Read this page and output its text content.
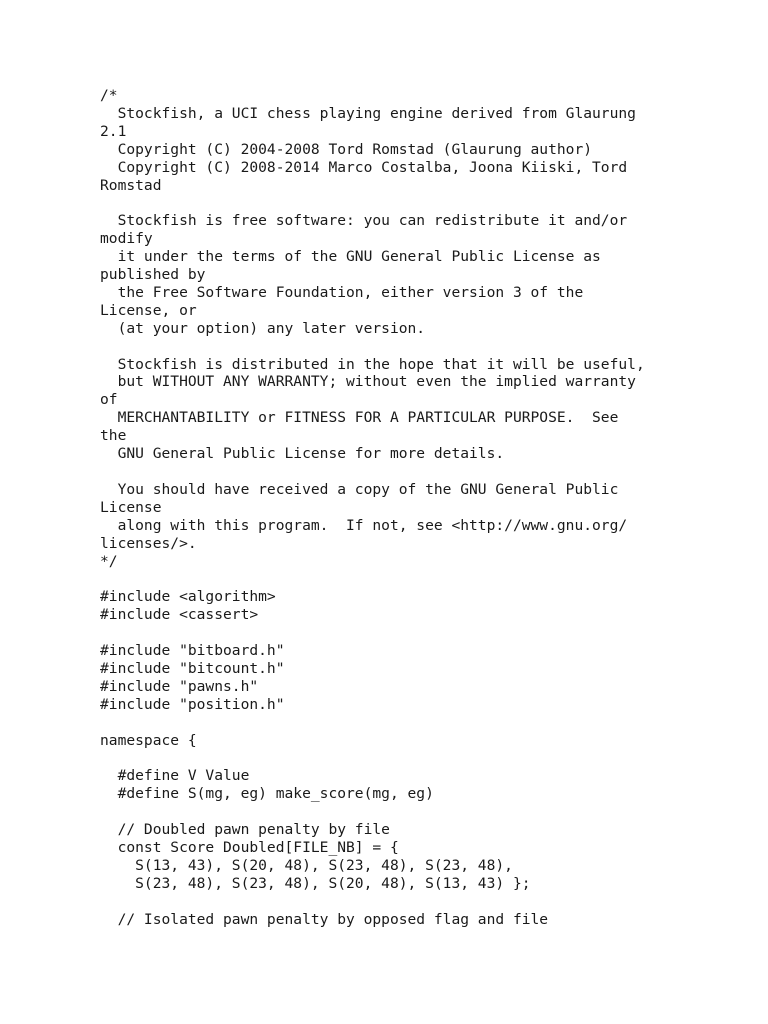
/*
Stockfish, a UCI chess playing engine derived from Glaurung
2.1
Copyright (C) 2004-2008 Tord Romstad (Glaurung author)
Copyright (C) 2008-2014 Marco Costalba, Joona Kiiski, Tord
Romstad
Stockfish is free software: you can redistribute it and/or
modify
it under the terms of the GNU General Public License as
published by
the Free Software Foundation, either version 3 of the
License, or
(at your option) any later version.
Stockfish is distributed in the hope that it will be useful,
but WITHOUT ANY WARRANTY; without even the implied warranty
of
MERCHANTABILITY or FITNESS FOR A PARTICULAR PURPOSE.  See
the
GNU General Public License for more details.
You should have received a copy of the GNU General Public
License
along with this program.  If not, see <http://www.gnu.org/
licenses/>.
*/
#include <algorithm>
#include <cassert>
#include "bitboard.h"
#include "bitcount.h"
#include "pawns.h"
#include "position.h"
namespace {
#define V Value
#define S(mg, eg) make_score(mg, eg)
// Doubled pawn penalty by file
const Score Doubled[FILE_NB] = {
S(13, 43), S(20, 48), S(23, 48), S(23, 48),
S(23, 48), S(23, 48), S(20, 48), S(13, 43) };
// Isolated pawn penalty by opposed flag and file
